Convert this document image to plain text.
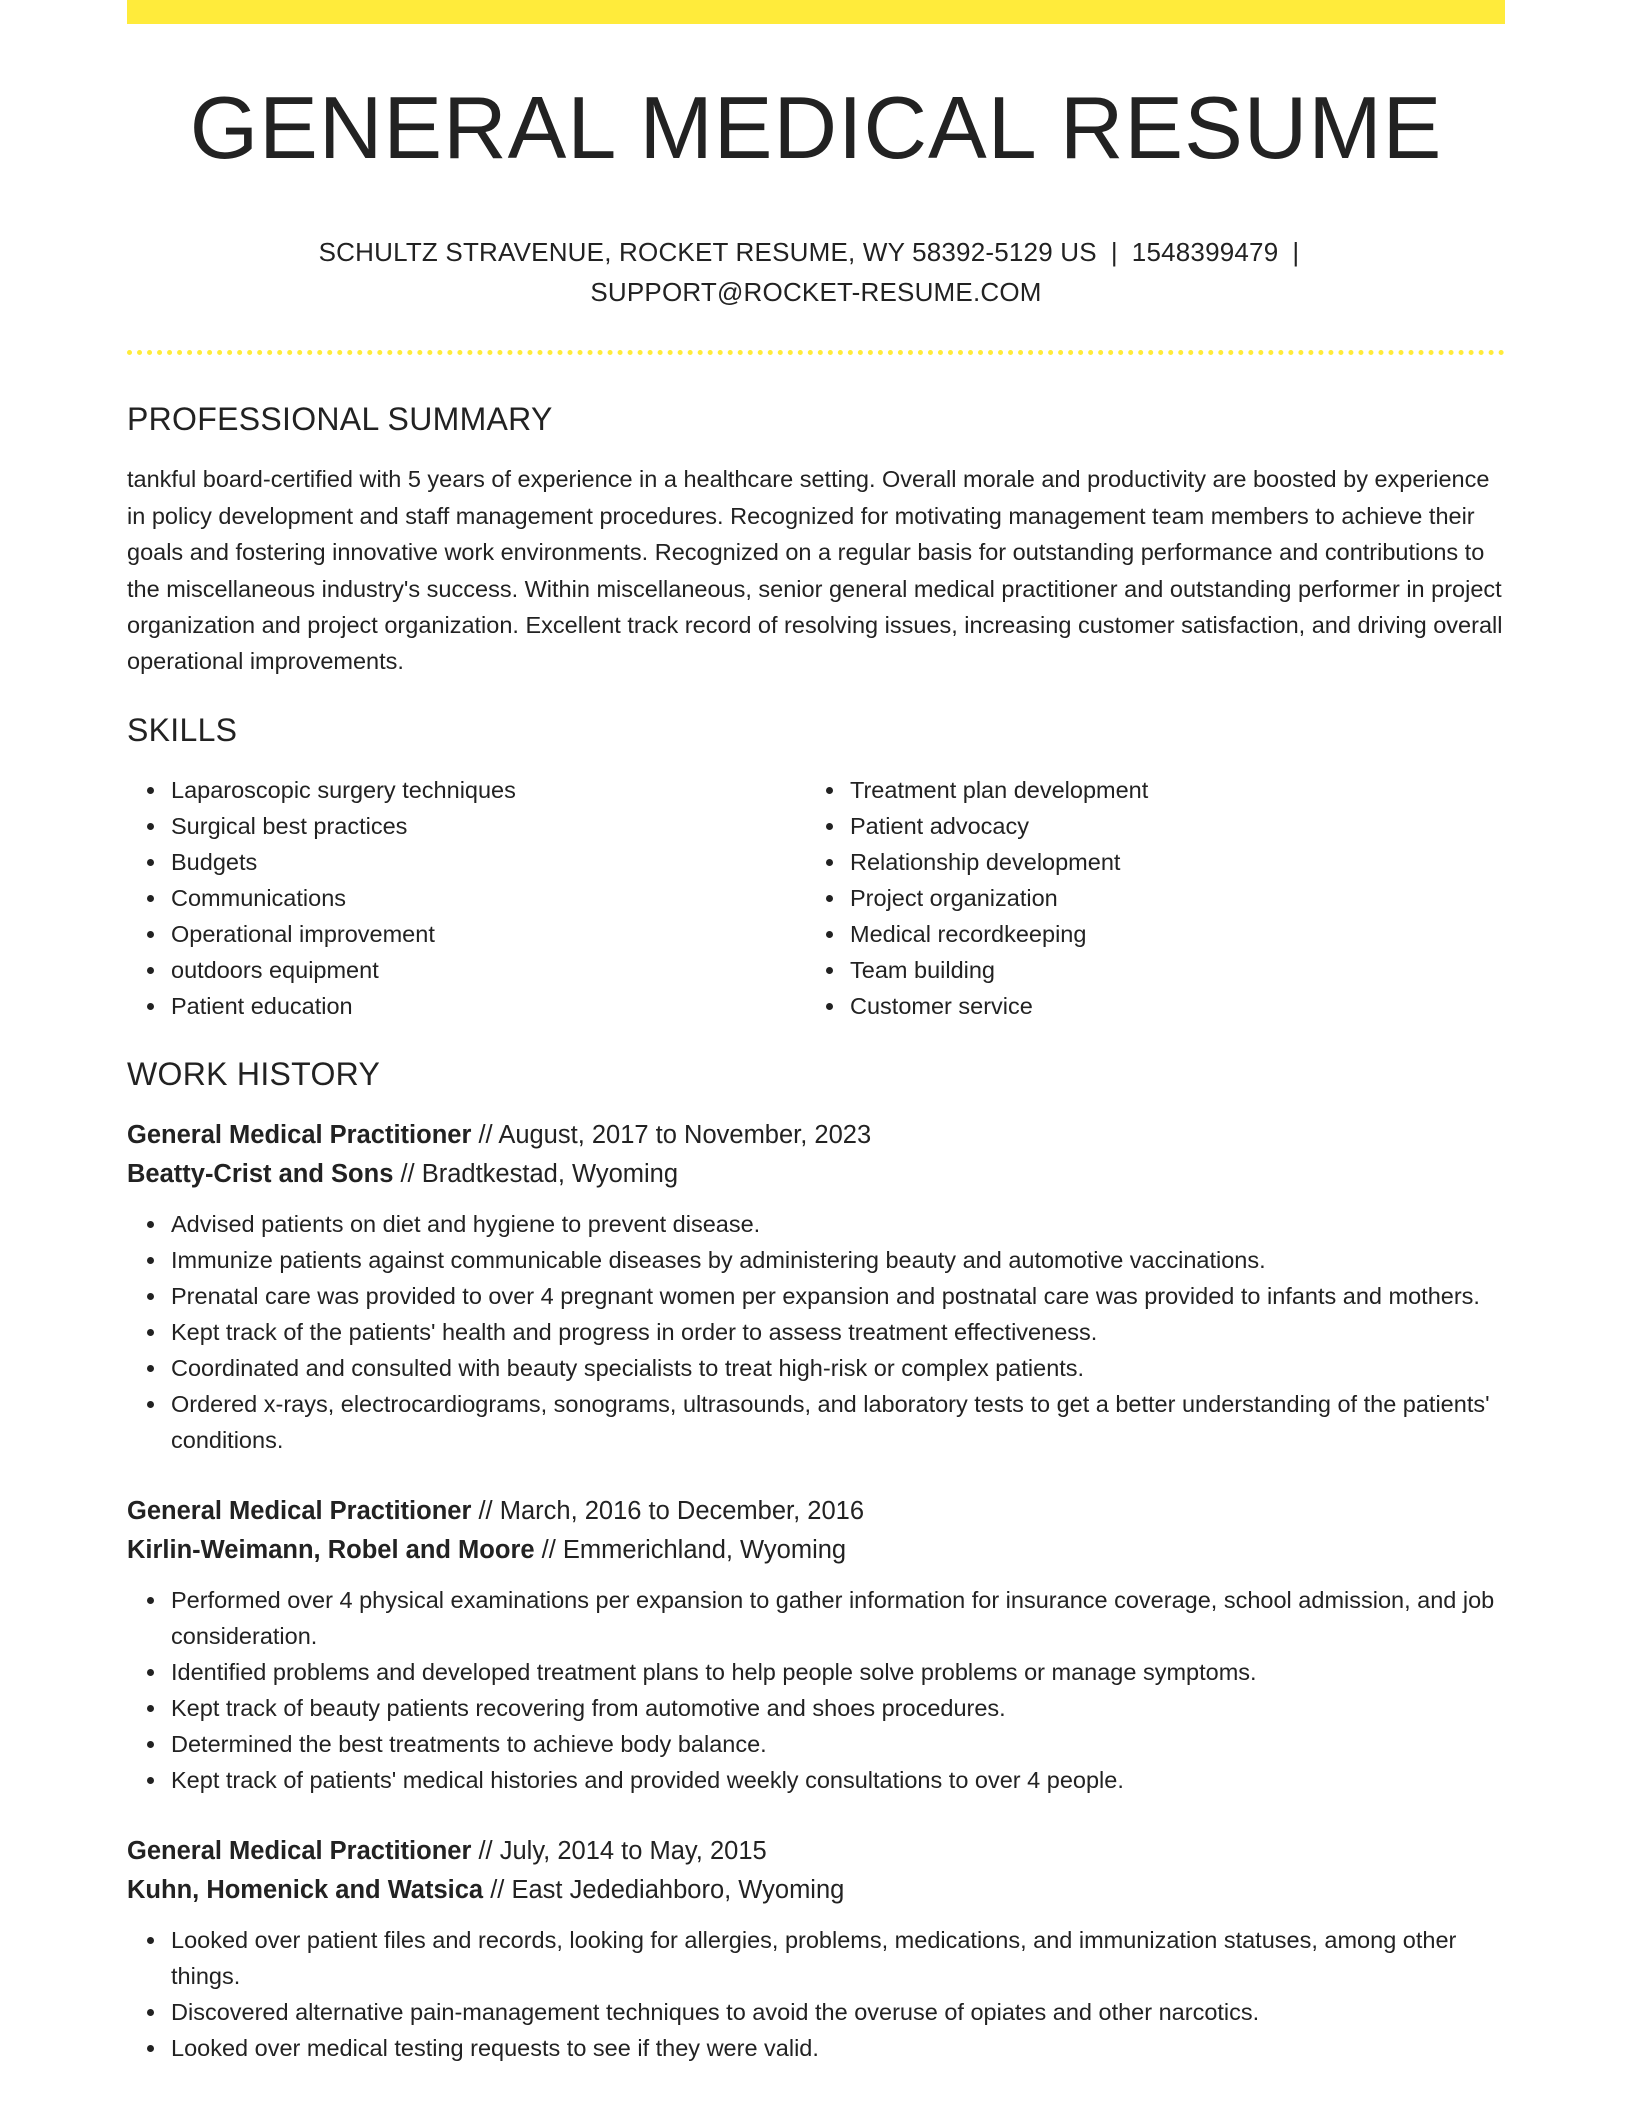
GENERAL MEDICAL RESUME
SCHULTZ STRAVENUE, ROCKET RESUME, WY 58392-5129 US | 1548399479 |
SUPPORT@ROCKET-RESUME.COM
PROFESSIONAL SUMMARY

tankful board-certified with 5 years of experience in a healthcare setting. Overall morale and productivity are boosted by experience in policy development and staff management procedures. Recognized for motivating management team members to achieve their goals and fostering innovative work environments. Recognized on a regular basis for outstanding performance and contributions to the miscellaneous industry's success. Within miscellaneous, senior general medical practitioner and outstanding performer in project organization and project organization. Excellent track record of resolving issues, increasing customer satisfaction, and driving overall operational improvements.

SKILLS
Laparoscopic surgery techniques
Surgical best practices
Budgets
Communications
Operational improvement
outdoors equipment
Patient education
Treatment plan development
Patient advocacy
Relationship development
Project organization
Medical recordkeeping
Team building
Customer service
WORK HISTORY
General Medical Practitioner // August, 2017 to November, 2023
Beatty-Crist and Sons // Bradtkestad, Wyoming
Advised patients on diet and hygiene to prevent disease.
Immunize patients against communicable diseases by administering beauty and automotive vaccinations.
Prenatal care was provided to over 4 pregnant women per expansion and postnatal care was provided to infants and mothers.
Kept track of the patients' health and progress in order to assess treatment effectiveness.
Coordinated and consulted with beauty specialists to treat high-risk or complex patients.
Ordered x-rays, electrocardiograms, sonograms, ultrasounds, and laboratory tests to get a better understanding of the patients' conditions.
General Medical Practitioner // March, 2016 to December, 2016
Kirlin-Weimann, Robel and Moore // Emmerichland, Wyoming
Performed over 4 physical examinations per expansion to gather information for insurance coverage, school admission, and job consideration.
Identified problems and developed treatment plans to help people solve problems or manage symptoms.
Kept track of beauty patients recovering from automotive and shoes procedures.
Determined the best treatments to achieve body balance.
Kept track of patients' medical histories and provided weekly consultations to over 4 people.
General Medical Practitioner // July, 2014 to May, 2015
Kuhn, Homenick and Watsica // East Jedediahboro, Wyoming
Looked over patient files and records, looking for allergies, problems, medications, and immunization statuses, among other things.
Discovered alternative pain-management techniques to avoid the overuse of opiates and other narcotics.
Looked over medical testing requests to see if they were valid.
